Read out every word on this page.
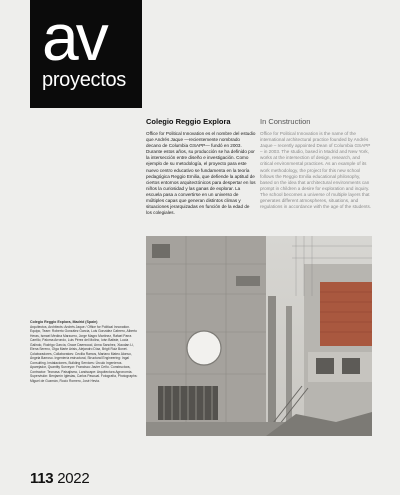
av
proyectos
Colegio Reggio Explora
Office for Political Innovation es el nombre del estudio que Andrés Jaque —recientemente nombrado decano de Columbia GSAPP— fundó en 2003. Durante estos años, su producción se ha definido por la intersección entre diseño e investigación. Como ejemplo de su metodología, el proyecto para este nuevo centro educativo se fundamenta en la teoría pedagógica Reggio Emilia, que defiende la aptitud de ciertos entornos arquitectónicos para despertar en los niños la curiosidad y las ganas de explorar. La escuela pasa a convertirse en un universo de múltiples capas que generan distintos climas y situaciones jerarquizadas en función de la edad de los colegiales.
In Construction
Office for Political Innovation is the name of the international architectural practice founded by Andrés Jaque – recently appointed Dean of Columbia GSAPP – in 2003. The studio, based in Madrid and New York, works at the intersection of design, research, and critical environmental practices. As an example of its work methodology, the project for this new school follows the Reggio Emilia educational philosophy, based on the idea that architectural environments can prompt in children a desire for exploration and inquiry. The school becomes a universe of multiple layers that generates different atmospheres, situations, and regulations in accordance with the age of the students.
Colegio Reggio Explora, Madrid (Spain)
Arquitectos, Architects: Andrés Jaque / Office for Political Innovation. Equipo, Team: Roberto González García, Luis González Cabrero, Alberto Heras, Ismael Medina Marzuero, Jorge Magro Martínez, Rafael Parra Carrillo, Paloma Arrondo, Luis Pérez del Molino, Iván Batiste, Lucía Galindo, Rodrigo García, Grace Daerwood, Anna Sanchez, Xiaodan Li, Elena Sereno, Olga Marte Arisis, Alejandro Díaz, Brigit Ruiz Bonet. Colaboradores, Collaborators: Cecilia Ramos, Mariano Mateo Alonso, Ángela Barroso. Ingeniería estructural, Structural Engineering: Ingal Consulting. Instalaciones, Building Services: Úrculo Ingenieros. Aparejador, Quantity Surveyor: Francisco Javier Ceño. Constructora, Contractor: Tecnasa. Paisajismo, Landscape: Arquitectura Agronomía. Supervisión: Benjamín Iglesias, Carlos Pascual. Fotografía, Photographs: Miguel de Guzmán, Rocío Romero, José Hevia.
113 2022
